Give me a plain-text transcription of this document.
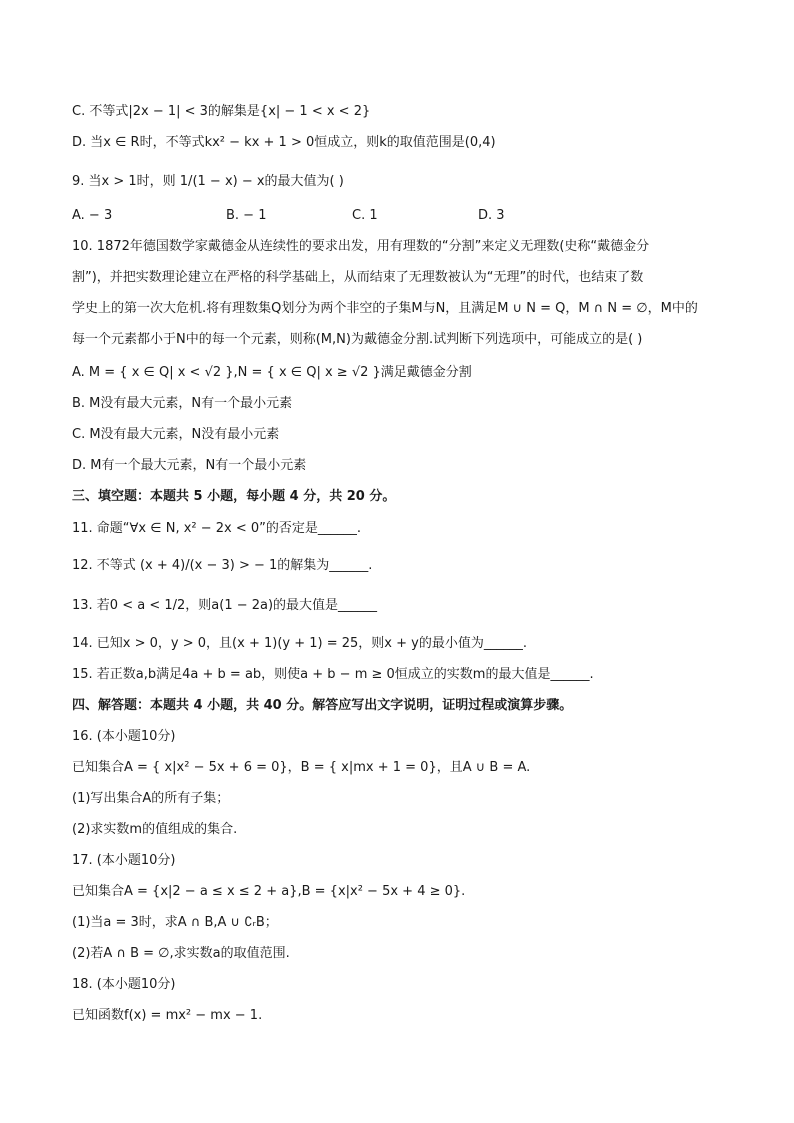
C. 不等式|2x − 1| < 3的解集是{x| − 1 < x < 2}
D. 当x ∈ R时，不等式kx² − kx + 1 > 0恒成立，则k的取值范围是(0,4)
9. 当x > 1时，则 1/(1 − x) − x的最大值为( )
A. − 3	B. − 1	C. 1	D. 3
10. 1872年德国数学家戴德金从连续性的要求出发，用有理数的“分割”来定义无理数(史称“戴德金分
割”)，并把实数理论建立在严格的科学基础上，从而结束了无理数被认为“无理”的时代，也结束了数
学史上的第一次大危机.将有理数集Q划分为两个非空的子集M与N，且满足M ∪ N = Q，M ∩ N = ∅，M中的
每一个元素都小于N中的每一个元素，则称(M,N)为戴德金分割.试判断下列选项中，可能成立的是( )
A. M = { x ∈ Q| x < √2 },N = { x ∈ Q| x ≥ √2 }满足戴德金分割
B. M没有最大元素，N有一个最小元素
C. M没有最大元素，N没有最小元素
D. M有一个最大元素，N有一个最小元素
三、填空题：本题共 5 小题，每小题 4 分，共 20 分。
11. 命题“∀x ∈ N, x² − 2x < 0”的否定是______.
12. 不等式 (x + 4)/(x − 3) > − 1的解集为______.
13. 若0 < a < 1/2，则a(1 − 2a)的最大值是______
14. 已知x > 0，y > 0，且(x + 1)(y + 1) = 25，则x + y的最小值为______.
15. 若正数a,b满足4a + b = ab，则使a + b − m ≥ 0恒成立的实数m的最大值是______.
四、解答题：本题共 4 小题，共 40 分。解答应写出文字说明，证明过程或演算步骤。
16. (本小题10分)
已知集合A = { x|x² − 5x + 6 = 0}，B = { x|mx + 1 = 0}，且A ∪ B = A.
(1)写出集合A的所有子集；
(2)求实数m的值组成的集合.
17. (本小题10分)
已知集合A = {x|2 − a ≤ x ≤ 2 + a},B = {x|x² − 5x + 4 ≥ 0}.
(1)当a = 3时，求A ∩ B,A ∪ ∁ᵣB；
(2)若A ∩ B = ∅,求实数a的取值范围.
18. (本小题10分)
已知函数f(x) = mx² − mx − 1.
